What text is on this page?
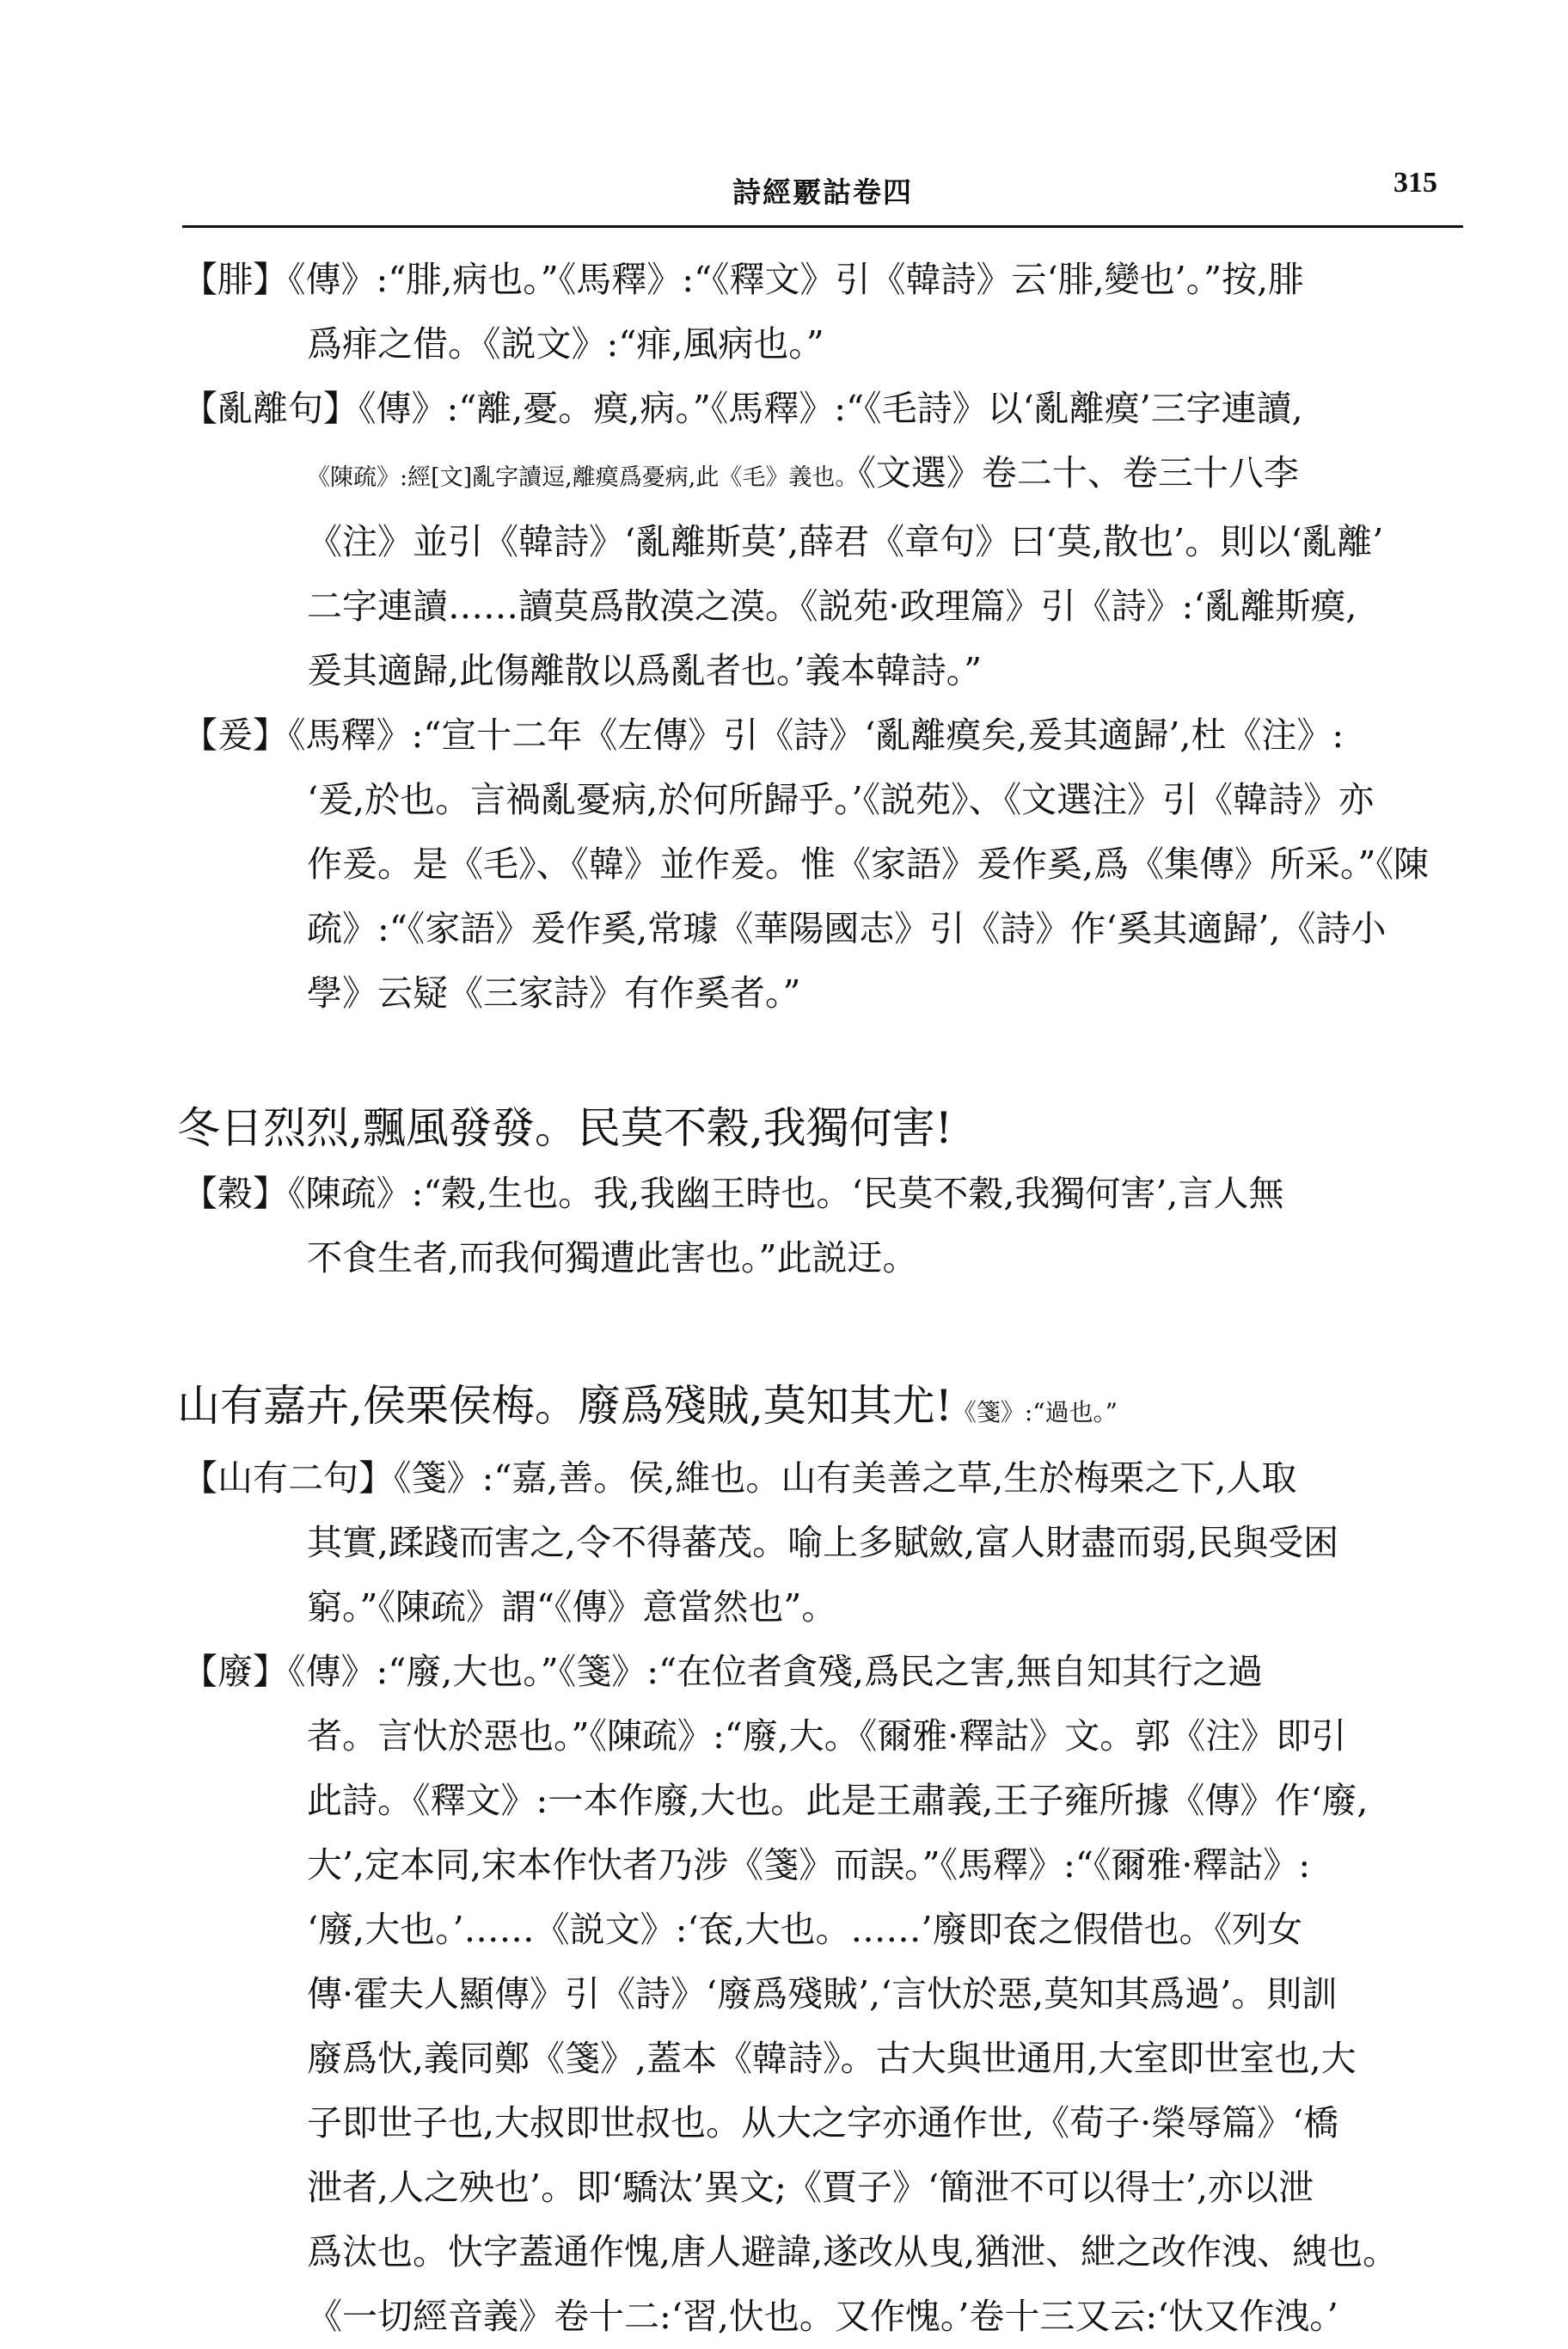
詩經覈詁卷四	315
【腓】《傳》:“腓,病也。”《馬釋》:“《釋文》引《韓詩》云‘腓,變也’。”按,腓
爲痱之借。《説文》:“痱,風病也。”
【亂離句】《傳》:“離,憂。瘼,病。”《馬釋》:“《毛詩》以‘亂離瘼’三字連讀,
《陳疏》:經[文]亂字讀逗,離瘼爲憂病,此《毛》義也。《文選》卷二十、卷三十八李
《注》並引《韓詩》‘亂離斯莫’,薛君《章句》曰‘莫,散也’。則以‘亂離’
二字連讀……讀莫爲散漠之漠。《説苑·政理篇》引《詩》:‘亂離斯瘼,
爰其適歸,此傷離散以爲亂者也。’義本韓詩。”
【爰】《馬釋》:“宣十二年《左傳》引《詩》‘亂離瘼矣,爰其適歸’,杜《注》:
‘爰,於也。言禍亂憂病,於何所歸乎。’《説苑》、《文選注》引《韓詩》亦
作爰。是《毛》、《韓》並作爰。惟《家語》爰作奚,爲《集傳》所采。”《陳
疏》:“《家語》爰作奚,常璩《華陽國志》引《詩》作‘奚其適歸’,《詩小
學》云疑《三家詩》有作奚者。”
冬日烈烈,飄風發發。民莫不穀,我獨何害!
【穀】《陳疏》:“穀,生也。我,我幽王時也。‘民莫不穀,我獨何害’,言人無
不食生者,而我何獨遭此害也。”此説迂。
山有嘉卉,侯栗侯梅。廢爲殘賊,莫知其尤!《箋》:“過也。”
【山有二句】《箋》:“嘉,善。侯,維也。山有美善之草,生於梅栗之下,人取
其實,蹂踐而害之,令不得蕃茂。喻上多賦斂,富人財盡而弱,民與受困
窮。”《陳疏》謂“《傳》意當然也”。
【廢】《傳》:“廢,大也。”《箋》:“在位者貪殘,爲民之害,無自知其行之過
者。言忕於惡也。”《陳疏》:“廢,大。《爾雅·釋詁》文。郭《注》即引
此詩。《釋文》:一本作廢,大也。此是王肅義,王子雍所據《傳》作‘廢,
大’,定本同,宋本作忕者乃涉《箋》而誤。”《馬釋》:“《爾雅·釋詁》:
‘廢,大也。’……《説文》:‘奃,大也。……’廢即奃之假借也。《列女
傳·霍夫人顯傳》引《詩》‘廢爲殘賊’,‘言忕於惡,莫知其爲過’。則訓
廢爲忕,義同鄭《箋》,蓋本《韓詩》。古大與世通用,大室即世室也,大
子即世子也,大叔即世叔也。从大之字亦通作世,《荀子·榮辱篇》‘橋
泄者,人之殃也’。即‘驕汰’異文;《賈子》‘簡泄不可以得士’,亦以泄
爲汰也。忕字蓋通作愧,唐人避諱,遂改从曳,猶泄、紲之改作洩、絏也。
《一切經音義》卷十二:‘習,忕也。又作愧。’卷十三又云:‘忕又作洩。’
